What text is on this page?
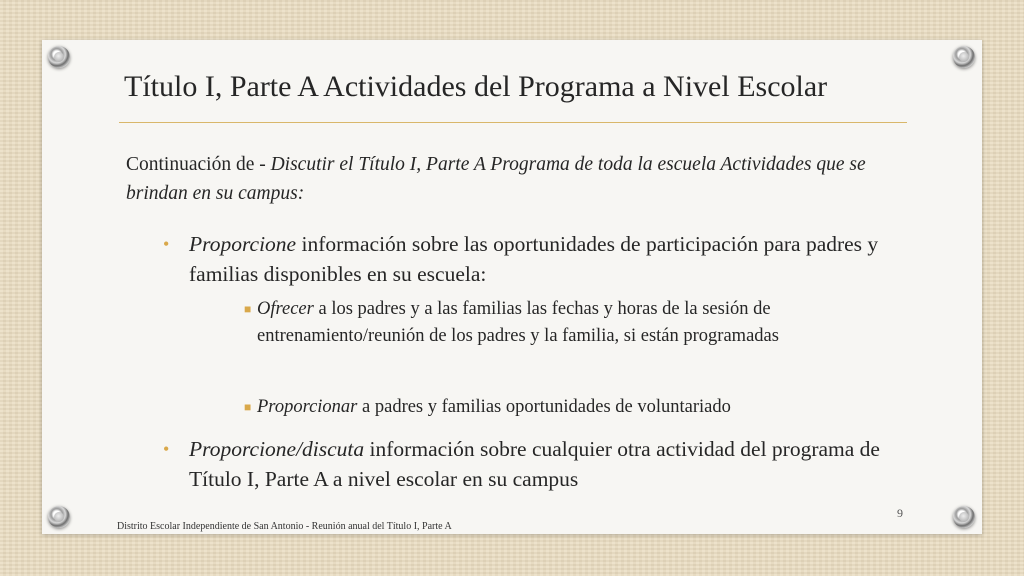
Título I, Parte A Actividades del Programa a Nivel Escolar
Continuación de - Discutir el Título I, Parte A Programa de toda la escuela Actividades que se brindan en su campus:
• Proporcione información sobre las oportunidades de participación para padres y familias disponibles en su escuela:
■ Ofrecer a los padres y a las familias las fechas y horas de la sesión de entrenamiento/reunión de los padres y la familia, si están programadas
■ Proporcionar a padres y familias oportunidades de voluntariado
• Proporcione/discuta información sobre cualquier otra actividad del programa de Título I, Parte A a nivel escolar en su campus
9
Distrito Escolar Independiente de San Antonio - Reunión anual del Título I, Parte A
